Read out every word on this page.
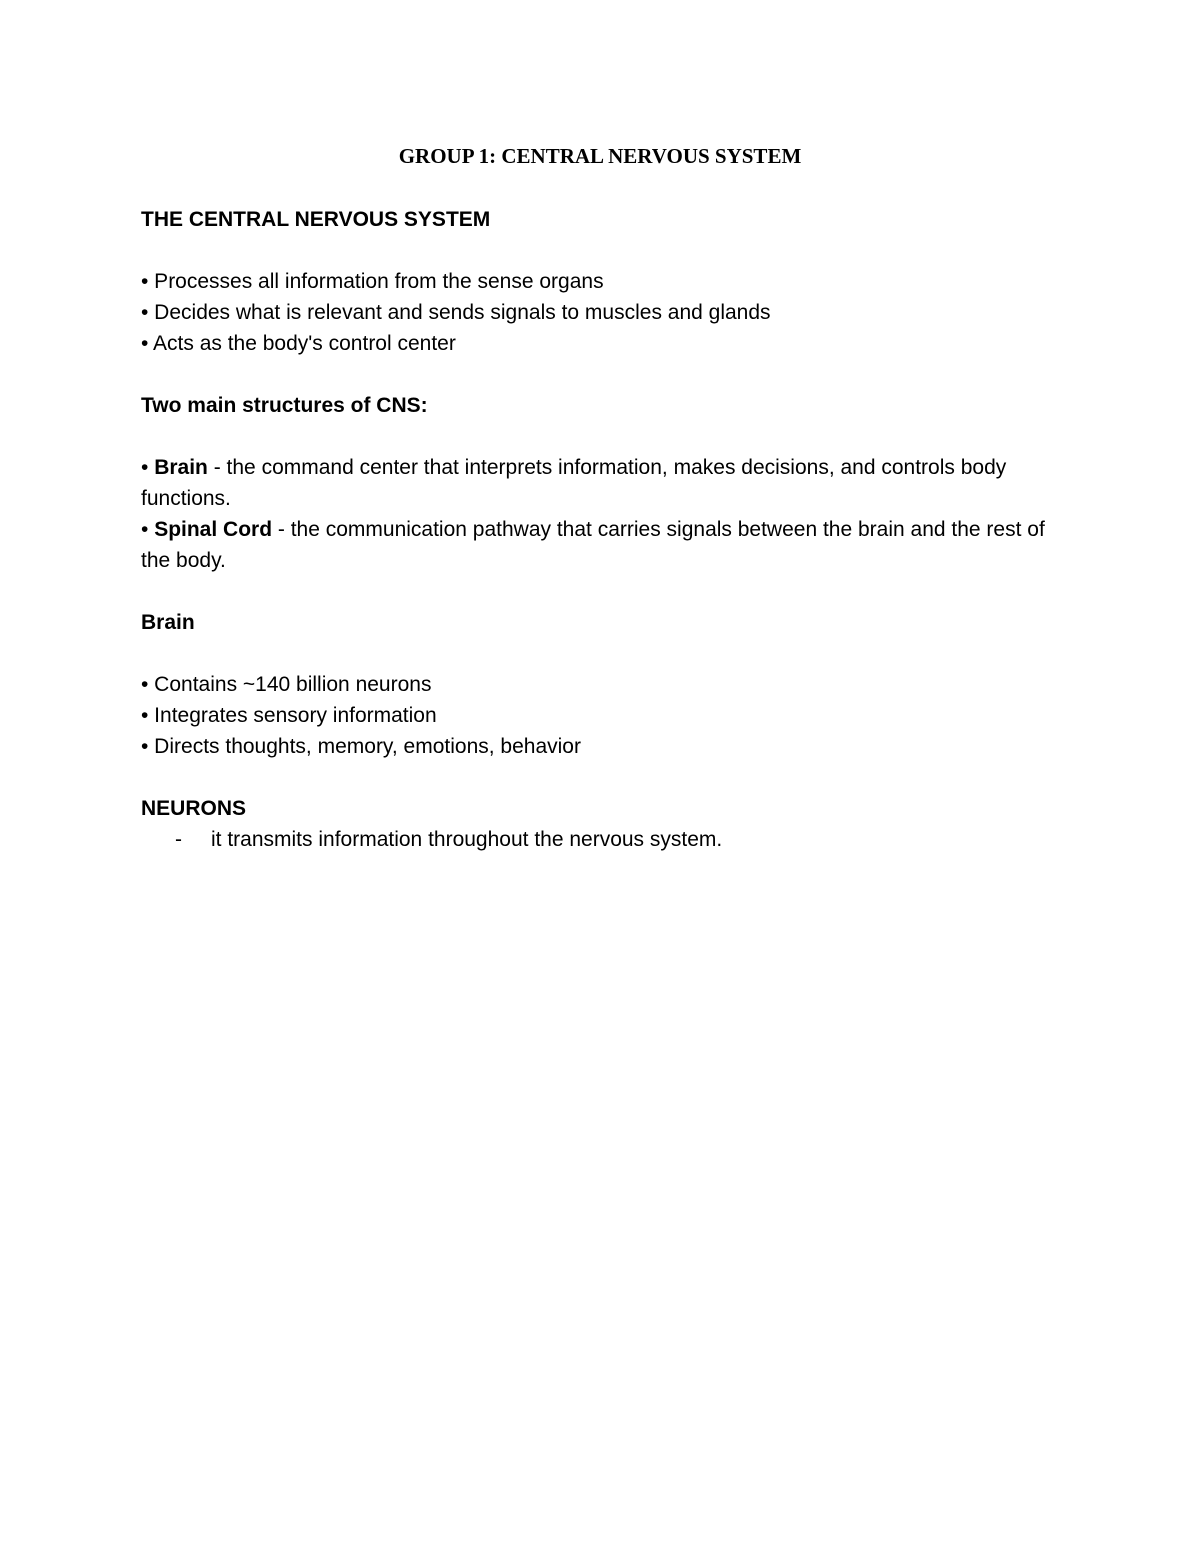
GROUP 1: CENTRAL NERVOUS SYSTEM
THE CENTRAL NERVOUS SYSTEM
• Processes all information from the sense organs
• Decides what is relevant and sends signals to muscles and glands
• Acts as the body's control center
Two main structures of CNS:
• Brain - the command center that interprets information, makes decisions, and controls body functions.
• Spinal Cord - the communication pathway that carries signals between the brain and the rest of the body.
Brain
• Contains ~140 billion neurons
• Integrates sensory information
• Directs thoughts, memory, emotions, behavior
NEURONS
- it transmits information throughout the nervous system.
